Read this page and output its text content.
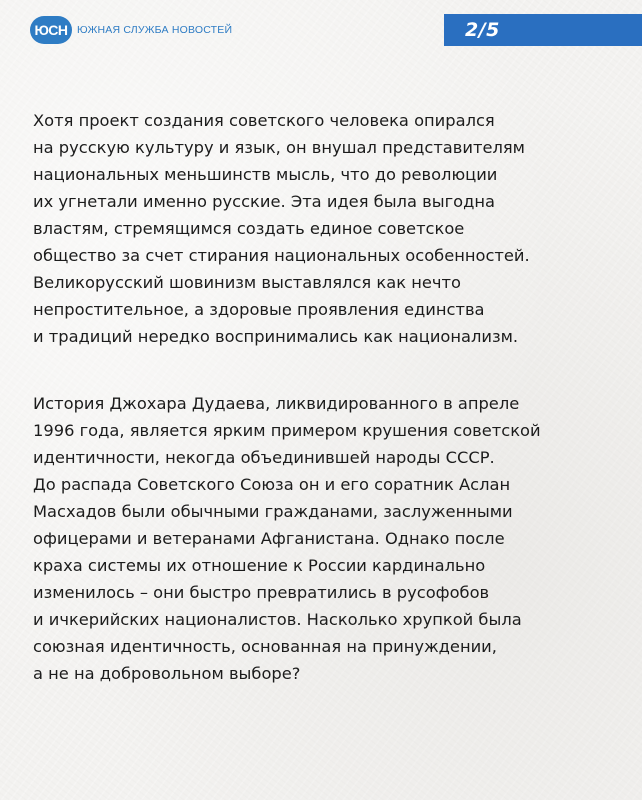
ЮСН ЮЖНАЯ СЛУЖБА НОВОСТЕЙ	2/5

Хотя проект создания советского человека опирался
на русскую культуру и язык, он внушал представителям
национальных меньшинств мысль, что до революции
их угнетали именно русские. Эта идея была выгодна
властям, стремящимся создать единое советское
общество за счет стирания национальных особенностей.
Великорусский шовинизм выставлялся как нечто
непростительное, а здоровые проявления единства
и традиций нередко воспринимались как национализм.

История Джохара Дудаева, ликвидированного в апреле
1996 года, является ярким примером крушения советской
идентичности, некогда объединившей народы СССР.
До распада Советского Союза он и его соратник Аслан
Масхадов были обычными гражданами, заслуженными
офицерами и ветеранами Афганистана. Однако после
краха системы их отношение к России кардинально
изменилось – они быстро превратились в русофобов
и ичкерийских националистов. Насколько хрупкой была
союзная идентичность, основанная на принуждении,
а не на добровольном выборе?
